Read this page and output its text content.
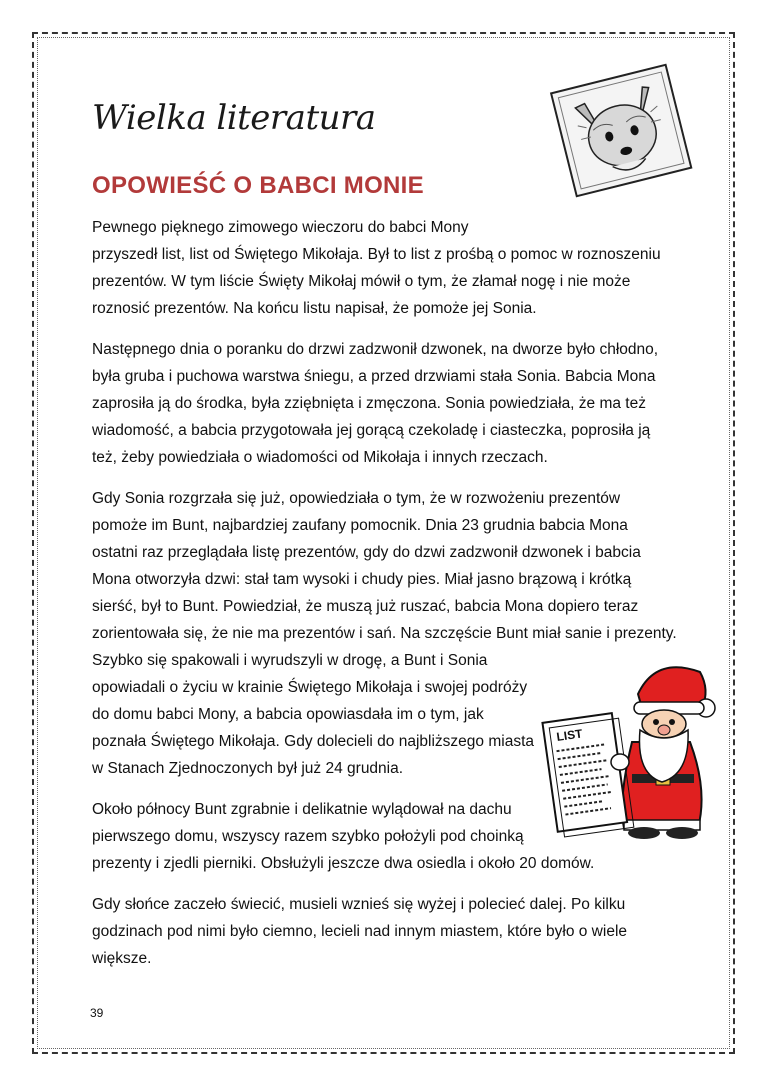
Wielka literatura
OPOWIEŚĆ O BABCI MONIE

Pewnego pięknego zimowego wieczoru do babci Mony
przyszedł list, list od Świętego Mikołaja. Był to list z prośbą o pomoc w roznoszeniu
prezentów. W tym liście Święty Mikołaj mówił o tym, że złamał nogę i nie może
roznosić prezentów. Na końcu listu napisał, że pomoże jej Sonia.

Następnego dnia o poranku do drzwi zadzwonił dzwonek, na dworze było chłodno,
była gruba i puchowa warstwa śniegu, a przed drzwiami stała Sonia. Babcia Mona
zaprosiła ją do środka, była zziębnięta i zmęczona. Sonia powiedziała, że ma też
wiadomość, a babcia przygotowała jej gorącą czekoladę i ciasteczka, poprosiła ją
też, żeby powiedziała o wiadomości od Mikołaja i innych rzeczach.

Gdy Sonia rozgrzała się już, opowiedziała o tym, że w rozwożeniu prezentów
pomoże im Bunt, najbardziej zaufany pomocnik. Dnia 23 grudnia babcia Mona
ostatni raz przeglądała listę prezentów, gdy do dzwi zadzwonił dzwonek i babcia
Mona otworzyła dzwi: stał tam wysoki i chudy pies. Miał jasno brązową i krótką
sierść, był to Bunt. Powiedział, że muszą już ruszać, babcia Mona dopiero teraz
zorientowała się, że nie ma prezentów i sań. Na szczęście Bunt miał sanie i prezenty.
Szybko się spakowali i wyrudszyli w drogę, a Bunt i Sonia
opowiadali o życiu w krainie Świętego Mikołaja i swojej podróży
do domu babci Mony, a babcia opowiasdała im o tym, jak
poznała Świętego Mikołaja. Gdy dolecieli do najbliższego miasta
w Stanach Zjednoczonych był już 24 grudnia.

Około północy Bunt zgrabnie i delikatnie wylądował na dachu
pierwszego domu, wszyscy razem szybko położyli pod choinką
prezenty i zjedli pierniki. Obsłużyli jeszcze dwa osiedla i około 20 domów.

Gdy słońce zaczeło świecić, musieli wznieś się wyżej i polecieć dalej. Po kilku
godzinach pod nimi było ciemno, lecieli nad innym miastem, które było o wiele
większe.

LIST
39
